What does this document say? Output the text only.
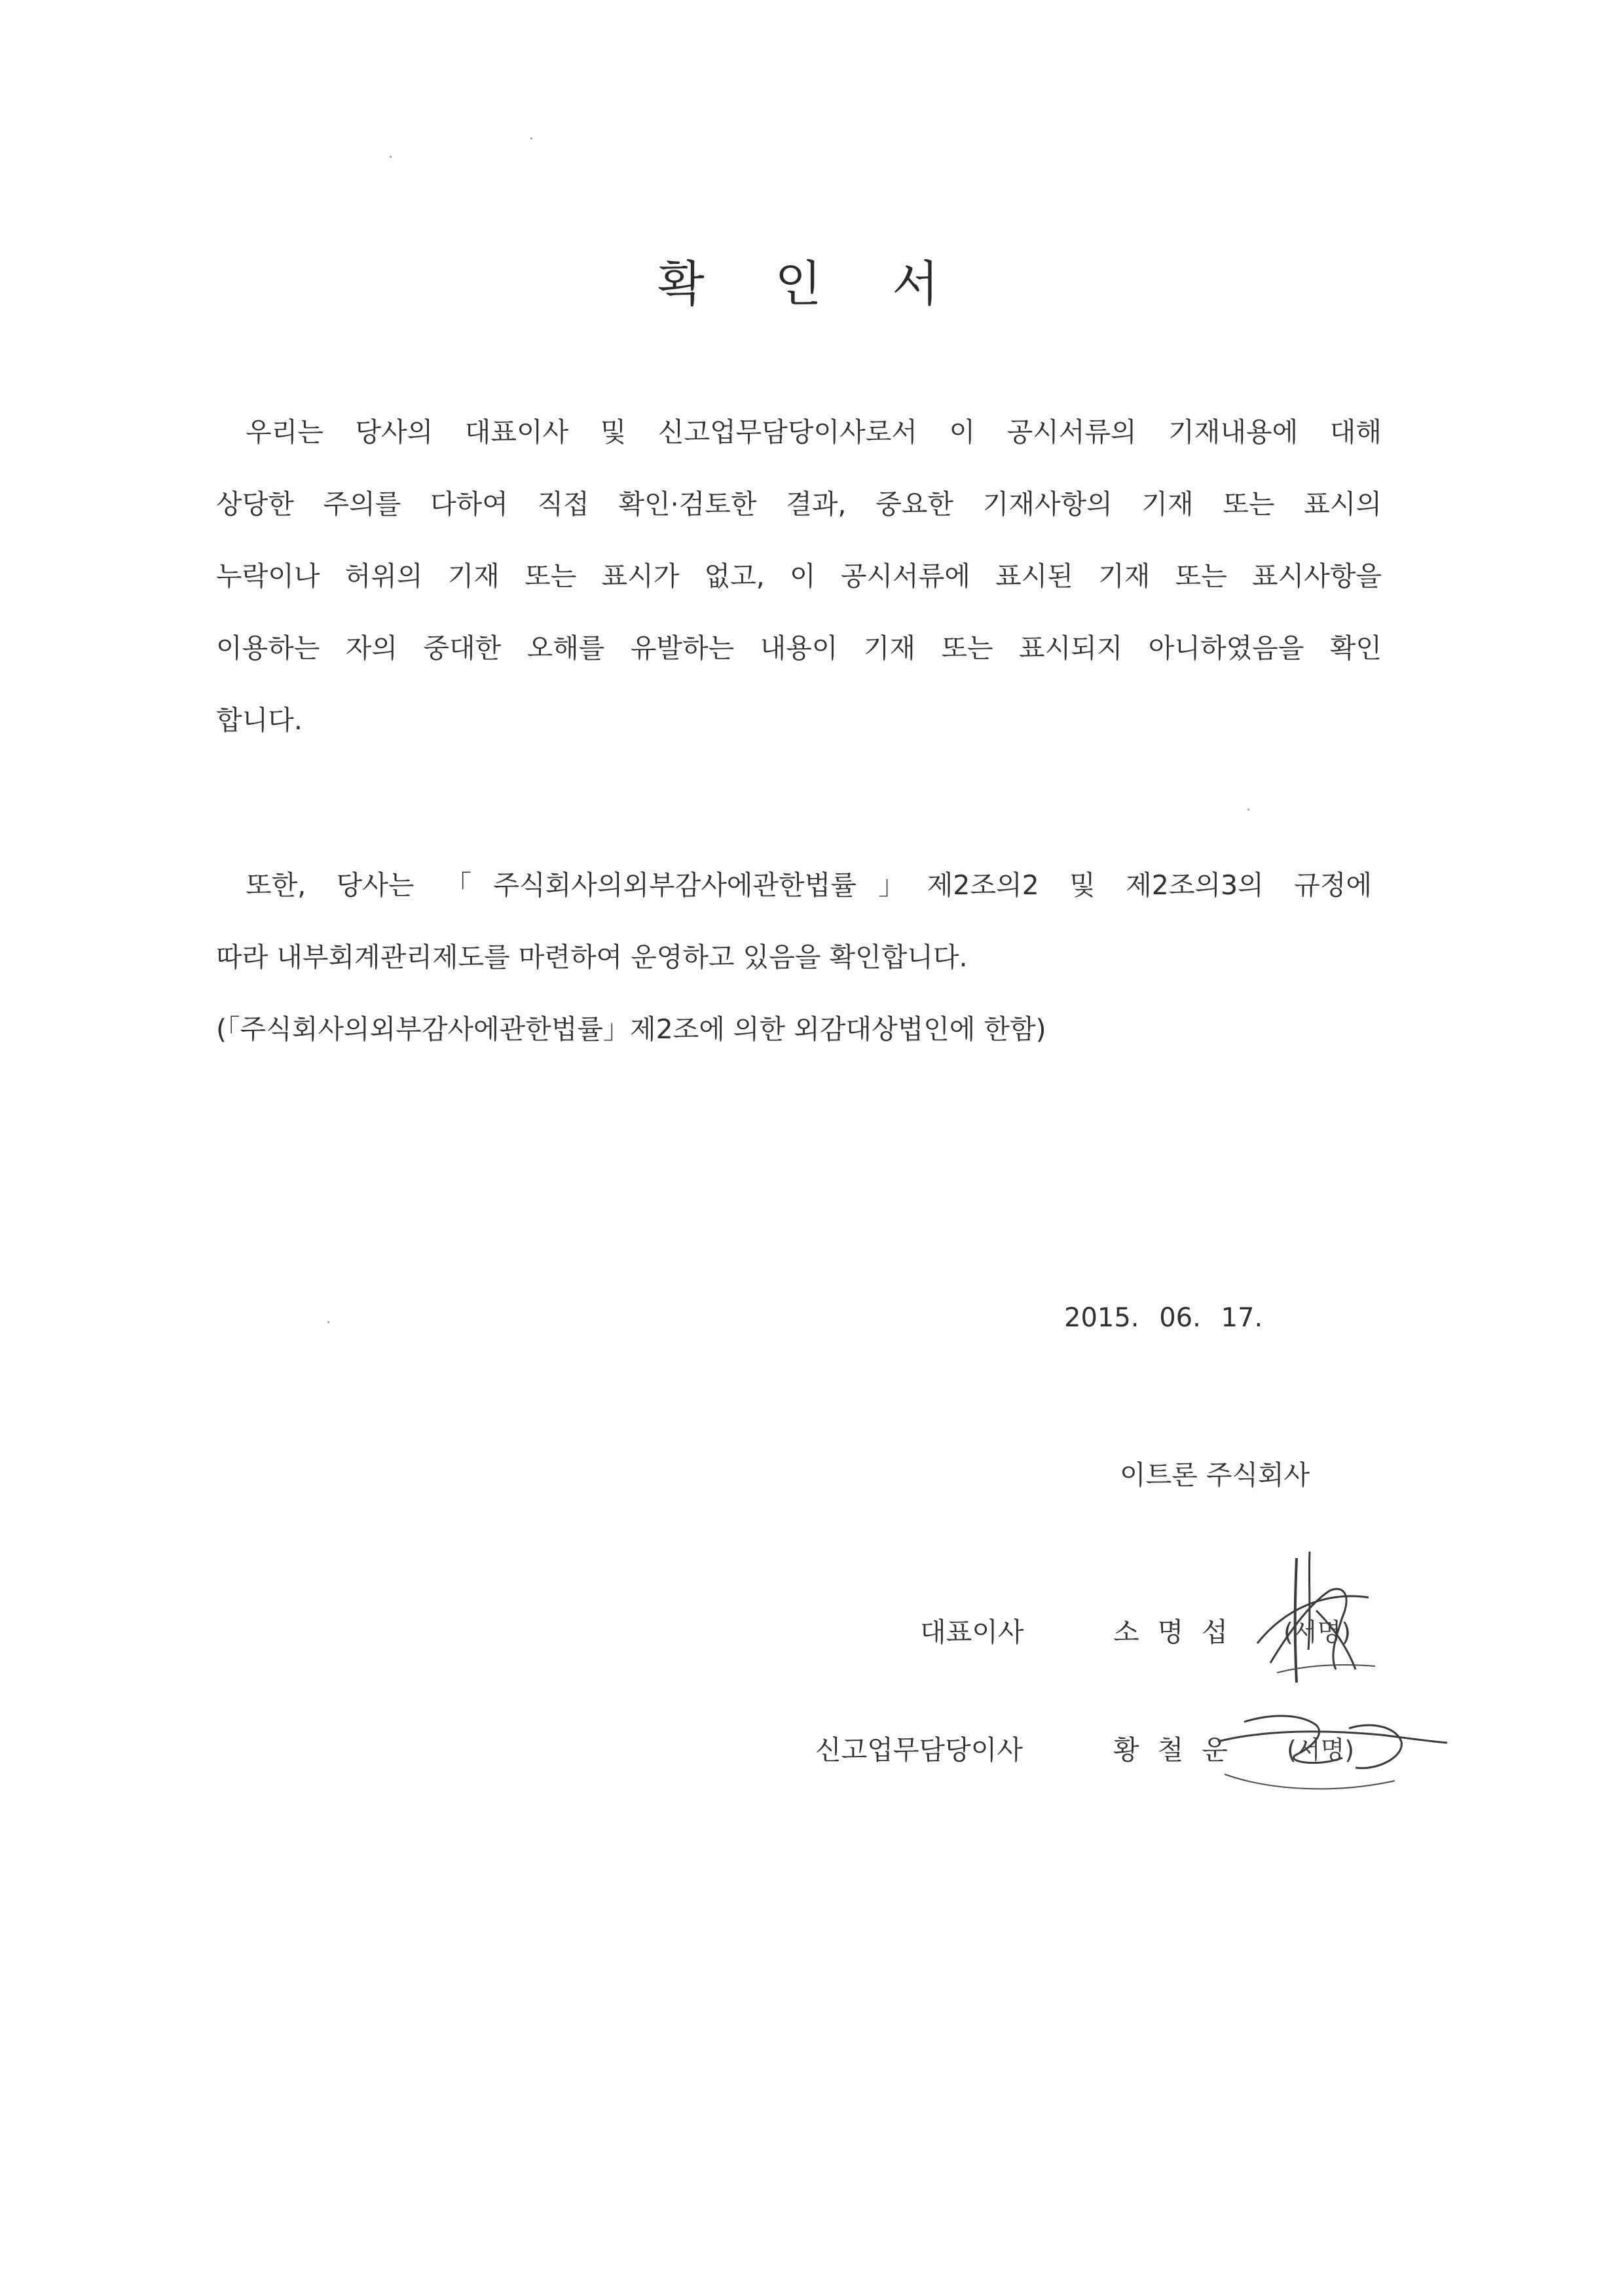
확 인 서

우리는 당사의 대표이사 및 신고업무담당이사로서 이 공시서류의 기재내용에 대해

상당한 주의를 다하여 직접 확인·검토한 결과, 중요한 기재사항의 기재 또는 표시의

누락이나 허위의 기재 또는 표시가 없고, 이 공시서류에 표시된 기재 또는 표시사항을

이용하는 자의 중대한 오해를 유발하는 내용이 기재 또는 표시되지 아니하였음을 확인

합니다.

또한, 당사는 「주식회사의외부감사에관한법률」제2조의2 및 제2조의3의 규정에

따라 내부회계관리제도를 마련하여 운영하고 있음을 확인합니다.

(「주식회사의외부감사에관한법률」제2조에 의한 외감대상법인에 한함)

2015. 06. 17.
이트론 주식회사
대표이사	소명섭 (서명)
신고업무담당이사	황철운 (서명)
